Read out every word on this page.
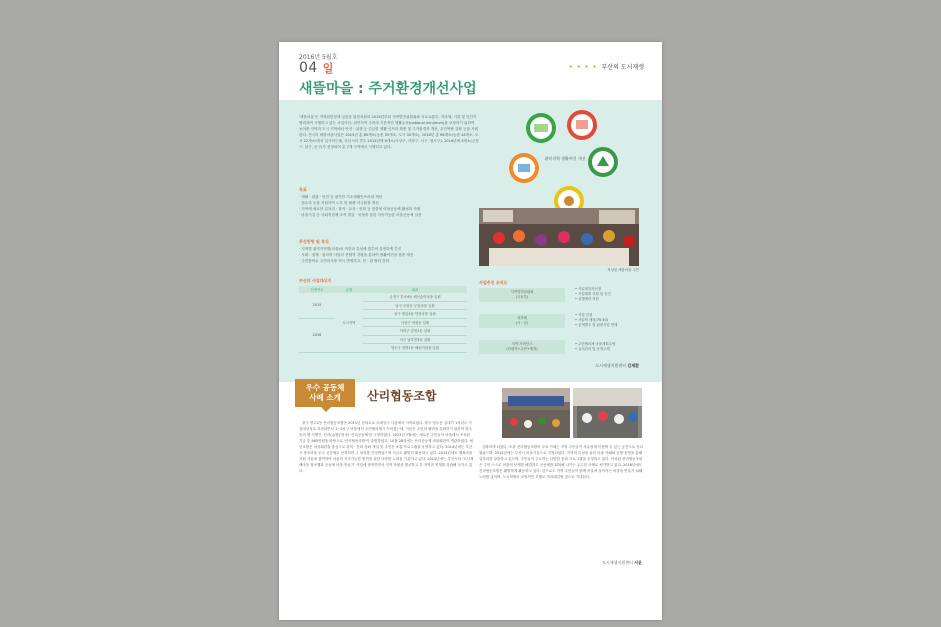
2016년 5월호
04 일	• • • • 부산의 도시재생
새뜰마을 : 주거환경개선사업
'새뜰마을'은 지역희망정책 실천을 위한차원의 2015년부터 지역발전위원회와 국토교통부, 지자체, 기업 및 민간이 협력하여 시행하고 있는 사업이다. 취약지역 주민의 기본적인 생활수준(national minimum)을 보장하기 위하여 농어촌 지역과 도시 지역에서 안전 · 위생 등 긴급한 생활 인프라 확충 및 주거환경의 개선, 주민역량 강화 등을 지원한다. 전국의 새뜰마을사업은 2015년 총 85개소(농촌 55개소, 도시 30개소), 2016년 총 66개소(농촌 44개소, 도시 22개소)에서 실시하는데, 부산시의 경우 2015년에 6개소(사상구, 사하구, 서구, 영도구), 2016년에 3개소(금정구, 남구, 동구)가 선정되어 총 7개 구역에서 시행되고 있다.
목표
· 재해 · 위험 · 안전 등 취약한 기초생활인프라의 개선
· 집수리 등을 지원하여 노후 및 불량 거주환경 개선
· 지역에 필요한 일자리 · 복지 · 교육 · 문화 등 맞춤형 마을공동체 활성화 지원
· 마을기업 등 사회적경제 조직 발굴 · 육성을 통한 지속가능한 마을공동체 실현
추진방향 및 특징
· 지역별 취약지역별(마을)의 여건과 특성에 맞추어 유연하게 추진
· 사회 · 경제 · 물리적 사업의 종합적 지원을 통하여 생활여건을 집중 개선
· 주민참여로 주민의사를 적극 반영하고, 민 · 관 협력 강화
부산의 사업대상지
선정연도	유형	위치
2015	도시지역	금정구 부곡4동 체인숲이마을 일원
		남구 우암동 우암마을 일원
		동구 범일4동 안창마을 일원
2016		사상구 학장동 일원
		사하구 감천2동 일원
		서구 남부민3동 일원
		영도구 청학1동 해돋이마을 일원
취약지역 생활여건 개선
작성된 새뜰마을 주민
사업추진 조직도
지역발전위원회
(국토부)
지자체
(시 · 군)
지역 거버넌스
(민관거+주민+행정)
• 사업대상지선정
• 사업계획 지원 및 승인
• 실행예산 지원
• 사업 신청
• 사업비 매칭(70:30)
• 공개발주 및 관련사업 연계
• 주민협의체 마을계획수립
• 유지관리 및 운영주체
도시재생지원센터 김재환
우수 공동체
사례 소개	산리협동조합
중구 영주2동 산리협동조합은 2011년 산복도로 르네상스 사업에서 시작되었다. 중구 영주동 일대가 1차년도 사업대상지로 지정되면서 1~3차구 마을에서 주민협의체가 꾸려졌는데, 이들은 주민의 협력을 강화하기 위하여 영주동의 옛 지명인 '산리(山里)'를 딴 '산리공동체'를 구성하였다. 2013년 7월에는 새로운 주민들이 마을에서 조성된 기금 총 965만원을 바탕으로 '산리협동조합'이 출범하였고, 10월 28일에는 산리공동체 마을회관이 개관하였다. 협동조합은 마을회관을 중심으로 취미 · 문화 강좌 개설 및 주민간 소통 프로그램을 운영하고 있다. 2014년에는 부산시 창조마을 우수 공동체로 선정되어 그 성과를 인정받았으며 지금도 활발히 활동하고 있다. 2015년에도 행복마을 지원 사업에 참여하여 마을의 지속가능한 발전을 위한 다양한 노력을 기울이고 있다. 2014년에는 부산시의 '도시재생마을 창조행복 공동체 마을 만들기' 사업에 참여하면서 지역 자원을 발굴하고 각 지역과 연계를 강화해 나가고 있다.
강화하게 되었다. 또한 산리협동조합의 무료 카페는 지역 주민들이 자유롭게 이용할 수 있는 공간으로 자리잡았으며, 2015년에는 부산시 마을기업으로 지정되었다. 지역의 특성을 살린 마을 카페와 공방 운영을 통해 일자리를 창출하고 있으며, 주민들이 주도하는 다양한 문화 프로그램을 운영하고 있다. 이처럼 산리협동조합은 주민 스스로 마을의 문제를 해결하고 공동체를 회복해 나가는 우수한 사례로 평가받고 있다. 2016년에도 산리협동조합은 활발하게 활동하고 있다. 앞으로도 지역 주민들이 함께 어울려 살아가는 마을을 만들기 위해 노력할 것이며, 도시재생의 모범적인 모델로 자리매김할 것으로 기대된다.
도시재생지원센터 서윤
